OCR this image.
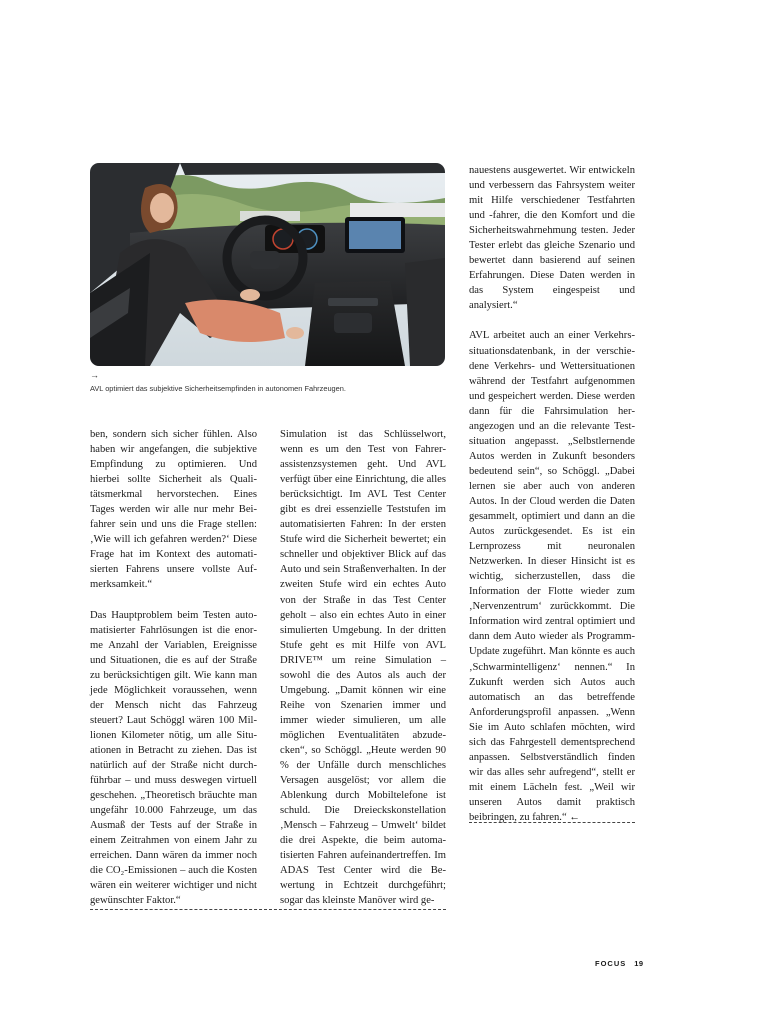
→
AVL optimiert das subjektive Sicherheitsempfinden in autonomen Fahrzeugen.

ben, sondern sich sicher fühlen. Also haben wir angefangen, die subjektive Empfindung zu optimieren. Und hierbei sollte Sicherheit als Qualitätsmerkmal hervorstechen. Eines Tages werden wir alle nur mehr Beifahrer sein und uns die Frage stellen: ‚Wie will ich gefahren werden?‘ Diese Frage hat im Kontext des automatisierten Fahrens unsere vollste Aufmerksamkeit.“

Das Hauptproblem beim Testen automatisierter Fahrlösungen ist die enorme Anzahl der Variablen, Ereignisse und Situationen, die es auf der Straße zu berücksichtigen gilt. Wie kann man jede Möglichkeit voraussehen, wenn der Mensch nicht das Fahrzeug steuert? Laut Schöggl wären 100 Millionen Kilometer nötig, um alle Situationen in Betracht zu ziehen. Das ist natürlich auf der Straße nicht durchführbar – und muss deswegen virtuell geschehen. „Theoretisch bräuchte man ungefähr 10.000 Fahrzeuge, um das Ausmaß der Tests auf der Straße in einem Zeitrahmen von einem Jahr zu erreichen. Dann wären da immer noch die CO₂-Emissionen – auch die Kosten wären ein weiterer wichtiger und nicht gewünschter Faktor.“

Simulation ist das Schlüsselwort, wenn es um den Test von Fahrerassistenzsystemen geht. Und AVL verfügt über eine Einrichtung, die alles berücksichtigt. Im AVL Test Center gibt es drei essenzielle Teststufen im automatisierten Fahren: In der ersten Stufe wird die Sicherheit bewertet; ein schneller und objektiver Blick auf das Auto und sein Straßenverhalten. In der zweiten Stufe wird ein echtes Auto von der Straße in das Test Center geholt – also ein echtes Auto in einer simulierten Umgebung. In der dritten Stufe geht es mit Hilfe von AVL DRIVE™ um reine Simulation – sowohl die des Autos als auch der Umgebung. „Damit können wir eine Reihe von Szenarien immer und immer wieder simulieren, um alle möglichen Eventualitäten abzudecken“, so Schöggl. „Heute werden 90 % der Unfälle durch menschliches Versagen ausgelöst; vor allem die Ablenkung durch Mobiltelefone ist schuld. Die Dreieckskonstellation ‚Mensch – Fahrzeug – Umwelt‘ bildet die drei Aspekte, die beim automatisierten Fahren aufeinandertreffen. Im ADAS Test Center wird die Bewertung in Echtzeit durchgeführt; sogar das kleinste Manöver wird ge-

nauestens ausgewertet. Wir entwickeln und verbessern das Fahrsystem weiter mit Hilfe verschiedener Testfahrten und -fahrer, die den Komfort und die Sicherheitswahrnehmung testen. Jeder Tester erlebt das gleiche Szenario und bewertet dann basierend auf seinen Erfahrungen. Diese Daten werden in das System eingespeist und analysiert.“

AVL arbeitet auch an einer Verkehrssituationsdatenbank, in der verschiedene Verkehrs- und Wettersituationen während der Testfahrt aufgenommen und gespeichert werden. Diese werden dann für die Fahrsimulation herangezogen und an die relevante Testsituation angepasst. „Selbstlernende Autos werden in Zukunft besonders bedeutend sein“, so Schöggl. „Dabei lernen sie aber auch von anderen Autos. In der Cloud werden die Daten gesammelt, optimiert und dann an die Autos zurückgesendet. Es ist ein Lernprozess mit neuronalen Netzwerken. In dieser Hinsicht ist es wichtig, sicherzustellen, dass die Information der Flotte wieder zum ‚Nervenzentrum‘ zurückkommt. Die Information wird zentral optimiert und dann dem Auto wieder als Programm-Update zugeführt. Man könnte es auch ‚Schwarmintelligenz‘ nennen.“ In Zukunft werden sich Autos auch automatisch an das betreffende Anforderungsprofil anpassen. „Wenn Sie im Auto schlafen möchten, wird sich das Fahrgestell dementsprechend anpassen. Selbstverständlich finden wir das alles sehr aufregend“, stellt er mit einem Lächeln fest. „Weil wir unseren Autos damit praktisch beibringen, zu fahren.“ ←

FOCUS 19
